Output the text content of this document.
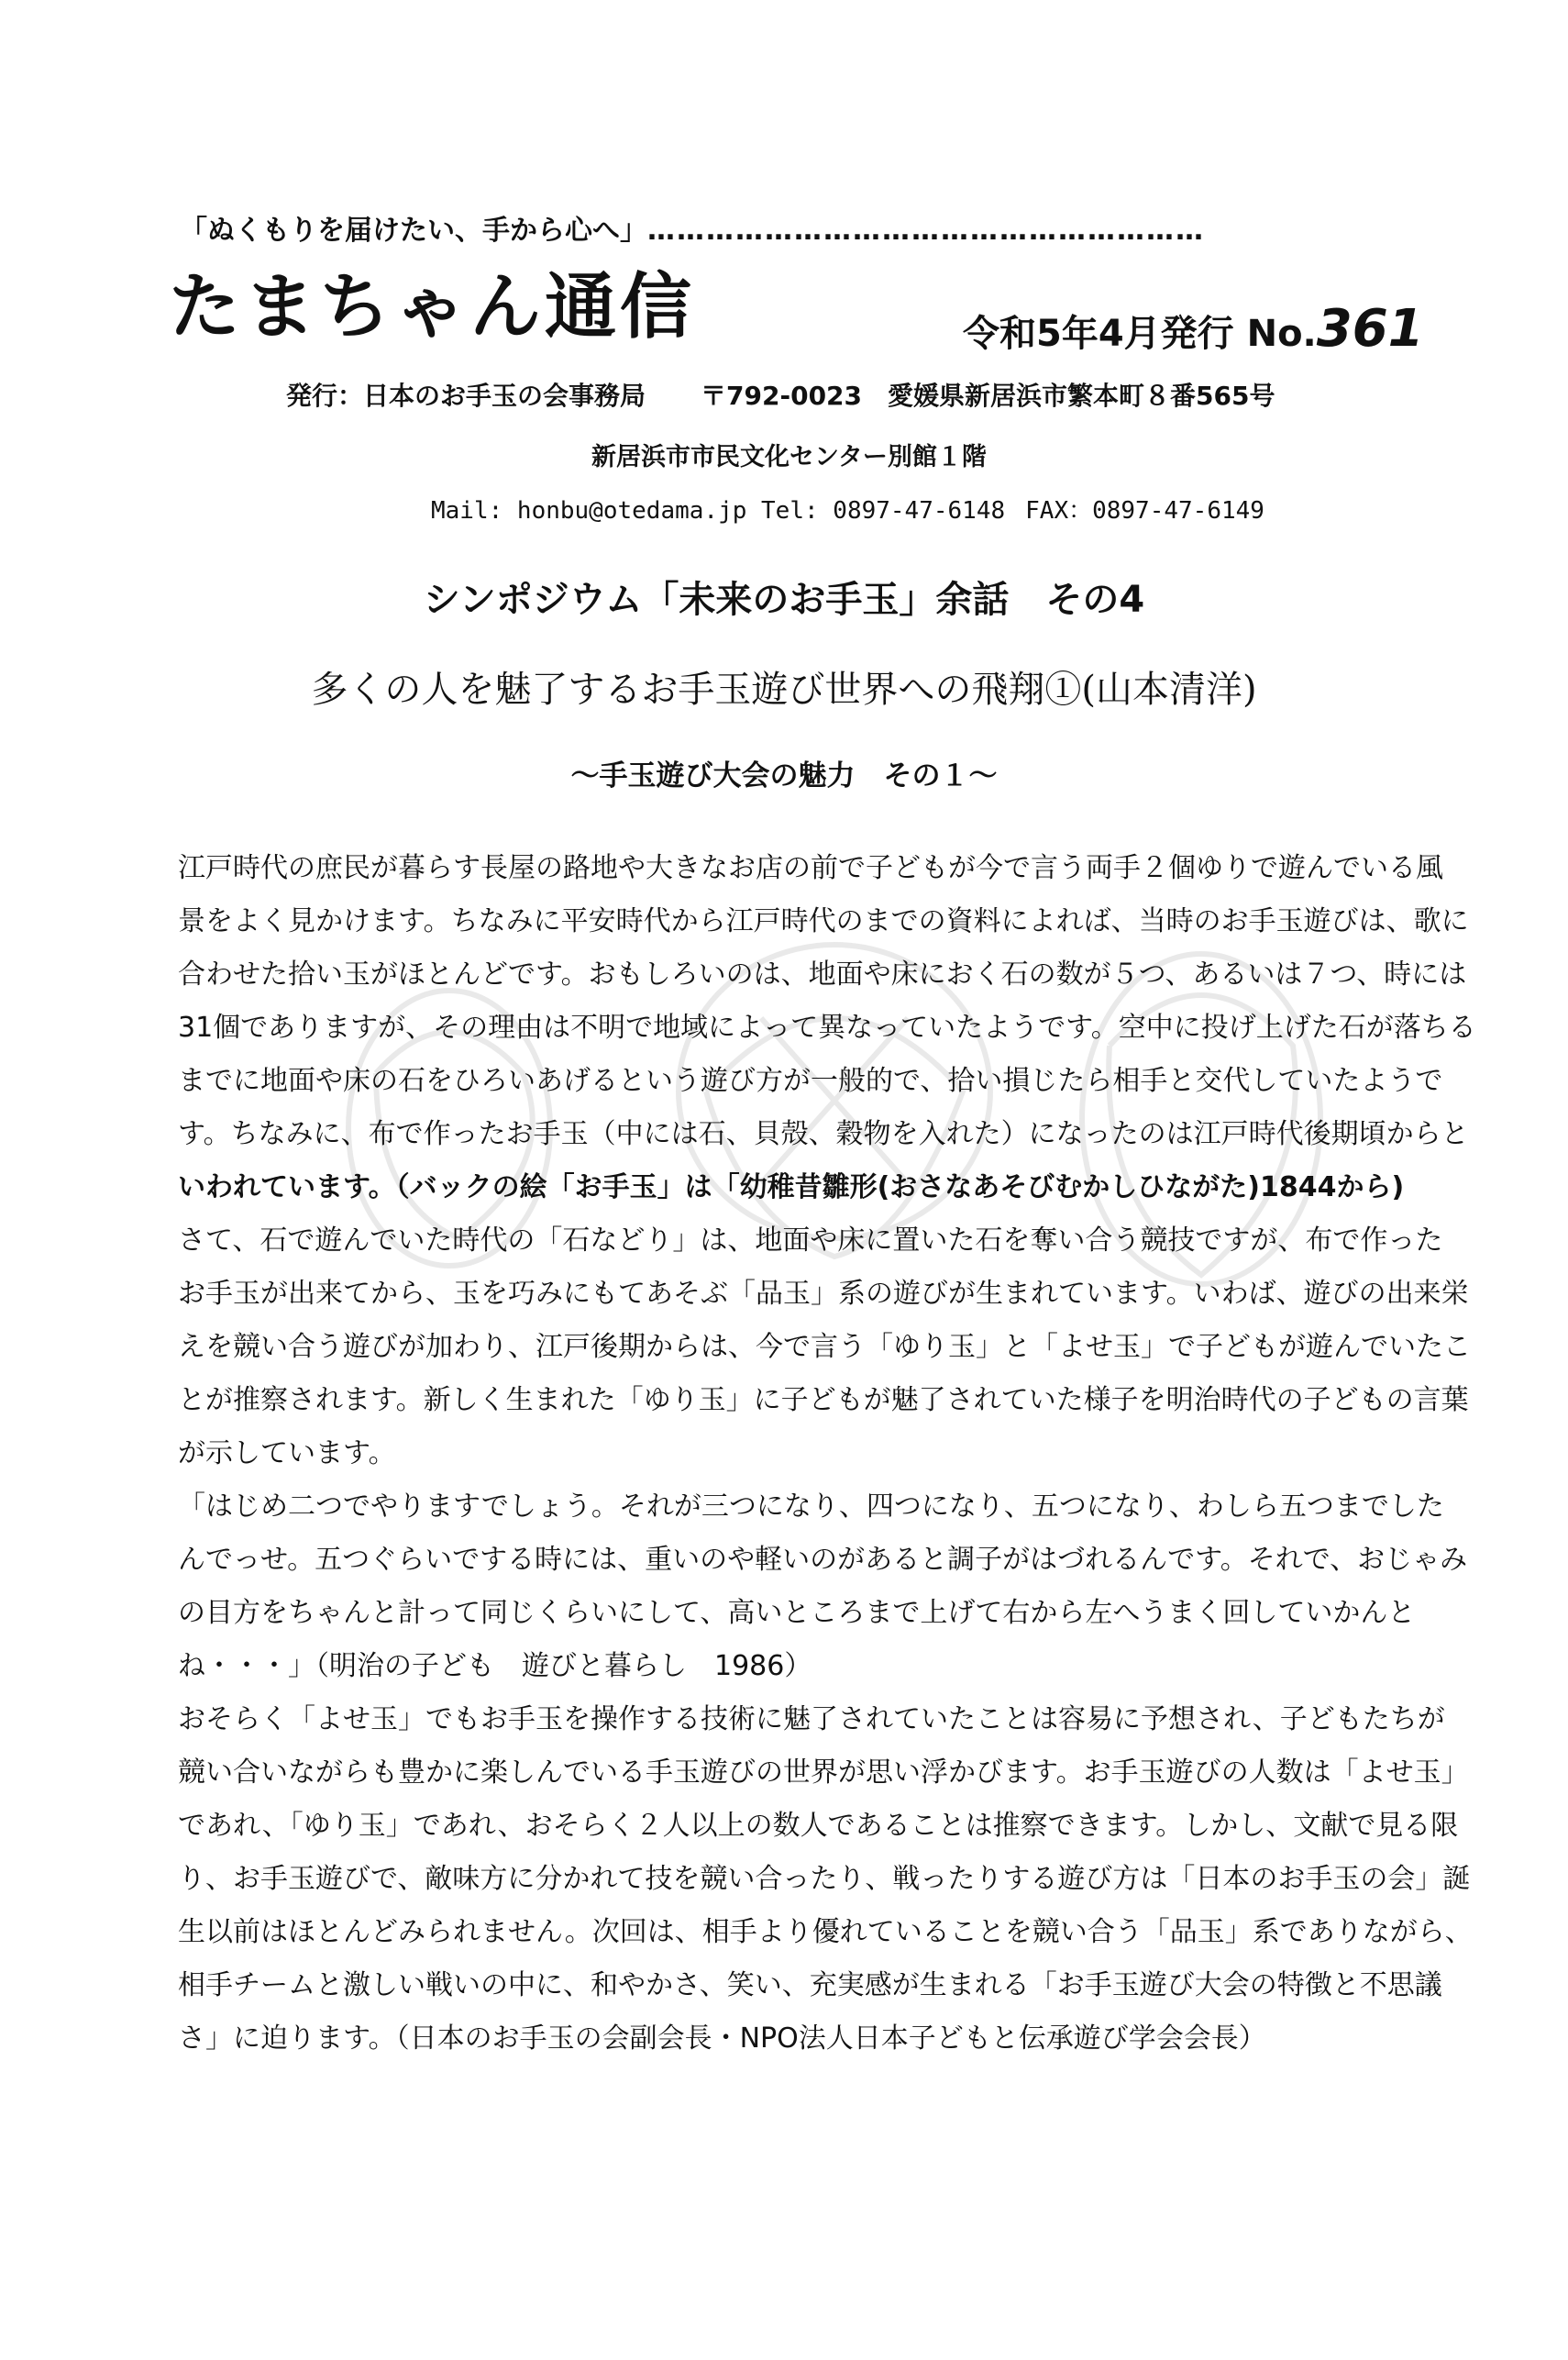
「ぬくもりを届けたい、手から心へ」…………………………………………………
たまちゃん通信	令和5年4月発行 No.361
発行：日本のお手玉の会事務局 〒792-0023　愛媛県新居浜市繁本町８番565号
新居浜市市民文化センター別館１階
Mail: honbu@otedama.jp Tel: 0897-47-6148 FAX：0897-47-6149
シンポジウム「未来のお手玉」余話　その4
多くの人を魅了するお手玉遊び世界への飛翔①(山本清洋)
～手玉遊び大会の魅力　その１～
江戸時代の庶民が暮らす長屋の路地や大きなお店の前で子どもが今で言う両手２個ゆりで遊んでいる風
景をよく見かけます。ちなみに平安時代から江戸時代のまでの資料によれば、当時のお手玉遊びは、歌に
合わせた拾い玉がほとんどです。おもしろいのは、地面や床におく石の数が５つ、あるいは７つ、時には
31個でありますが、その理由は不明で地域によって異なっていたようです。空中に投げ上げた石が落ちる
までに地面や床の石をひろいあげるという遊び方が一般的で、拾い損じたら相手と交代していたようで
す。ちなみに、布で作ったお手玉（中には石、貝殻、穀物を入れた）になったのは江戸時代後期頃からと
いわれています。（バックの絵「お手玉」は「幼稚昔雛形(おさなあそびむかしひながた)1844から)
さて、石で遊んでいた時代の「石などり」は、地面や床に置いた石を奪い合う競技ですが、布で作った
お手玉が出来てから、玉を巧みにもてあそぶ「品玉」系の遊びが生まれています。いわば、遊びの出来栄
えを競い合う遊びが加わり、江戸後期からは、今で言う「ゆり玉」と「よせ玉」で子どもが遊んでいたこ
とが推察されます。新しく生まれた「ゆり玉」に子どもが魅了されていた様子を明治時代の子どもの言葉
が示しています。
「はじめ二つでやりますでしょう。それが三つになり、四つになり、五つになり、わしら五つまでした
んでっせ。五つぐらいでする時には、重いのや軽いのがあると調子がはづれるんです。それで、おじゃみ
の目方をちゃんと計って同じくらいにして、高いところまで上げて右から左へうまく回していかんと
ね・・・」（明治の子ども　遊びと暮らし　1986）
おそらく「よせ玉」でもお手玉を操作する技術に魅了されていたことは容易に予想され、子どもたちが
競い合いながらも豊かに楽しんでいる手玉遊びの世界が思い浮かびます。お手玉遊びの人数は「よせ玉」
であれ、「ゆり玉」であれ、おそらく２人以上の数人であることは推察できます。しかし、文献で見る限
り、お手玉遊びで、敵味方に分かれて技を競い合ったり、戦ったりする遊び方は「日本のお手玉の会」誕
生以前はほとんどみられません。次回は、相手より優れていることを競い合う「品玉」系でありながら、
相手チームと激しい戦いの中に、和やかさ、笑い、充実感が生まれる「お手玉遊び大会の特徴と不思議
さ」に迫ります。（日本のお手玉の会副会長・NPO法人日本子どもと伝承遊び学会会長）
